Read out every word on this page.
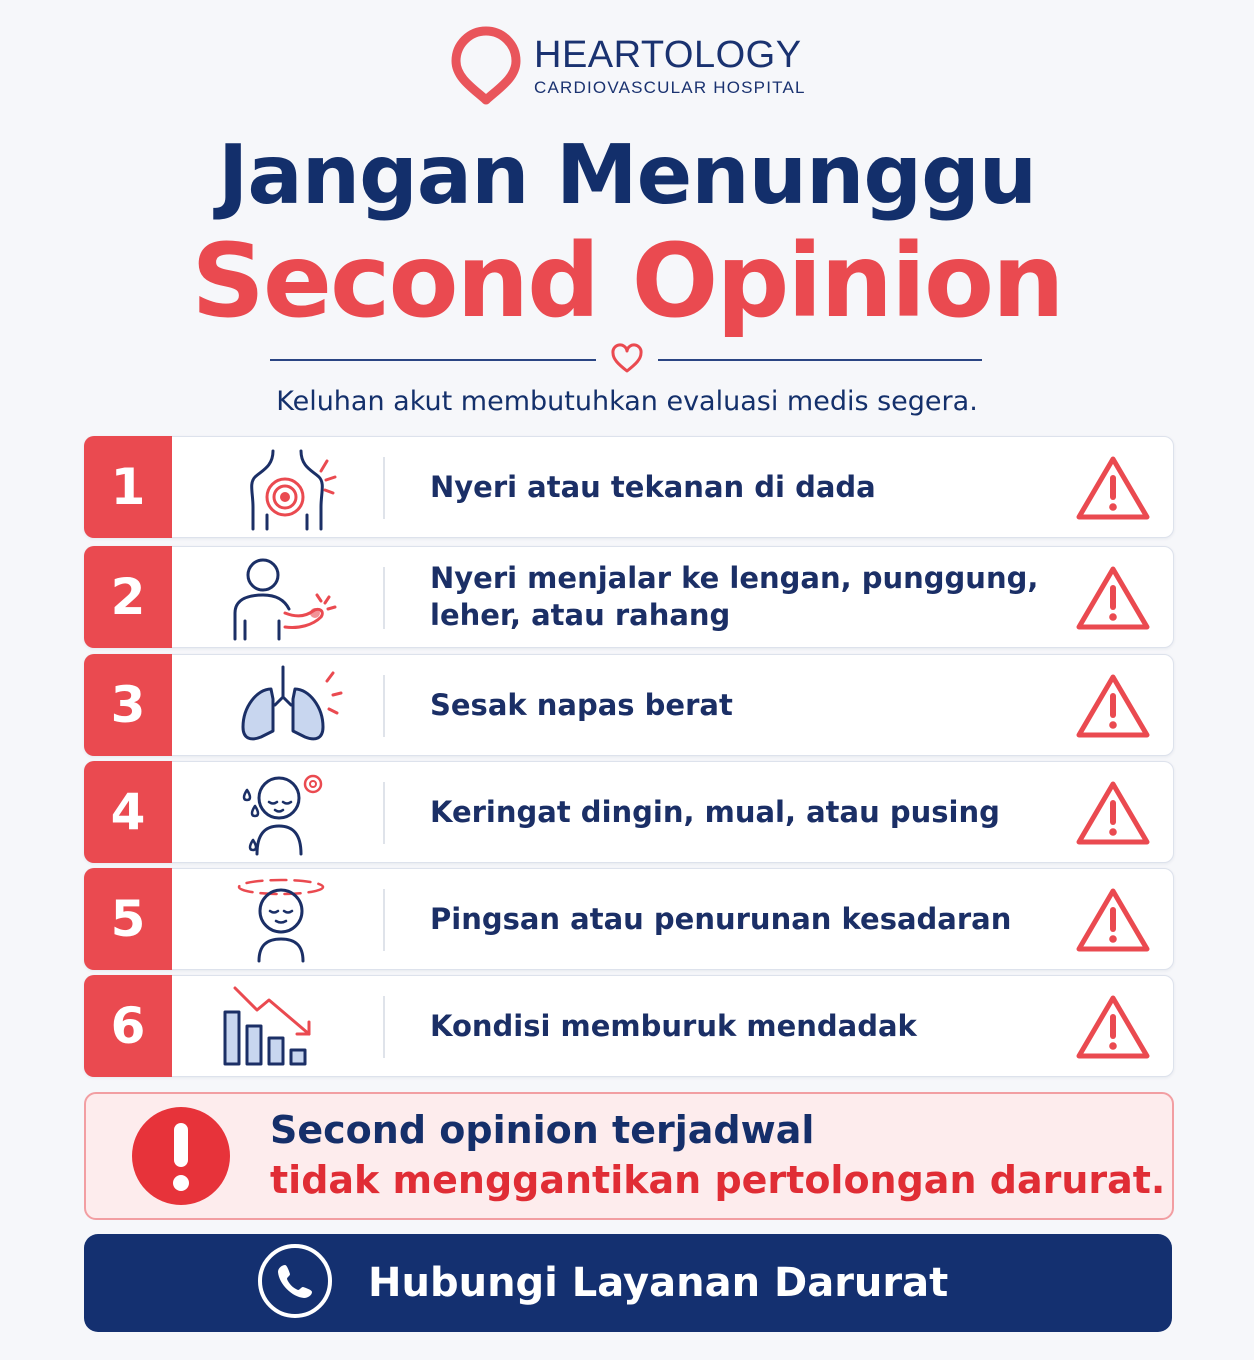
HEARTOLOGY
CARDIOVASCULAR HOSPITAL
Jangan Menunggu
Second Opinion
Keluhan akut membutuhkan evaluasi medis segera.
1	Nyeri atau tekanan di dada
2	Nyeri menjalar ke lengan, punggung, leher, atau rahang
3	Sesak napas berat
4	Keringat dingin, mual, atau pusing
5	Pingsan atau penurunan kesadaran
6	Kondisi memburuk mendadak
Second opinion terjadwal
tidak menggantikan pertolongan darurat.
Hubungi Layanan Darurat
